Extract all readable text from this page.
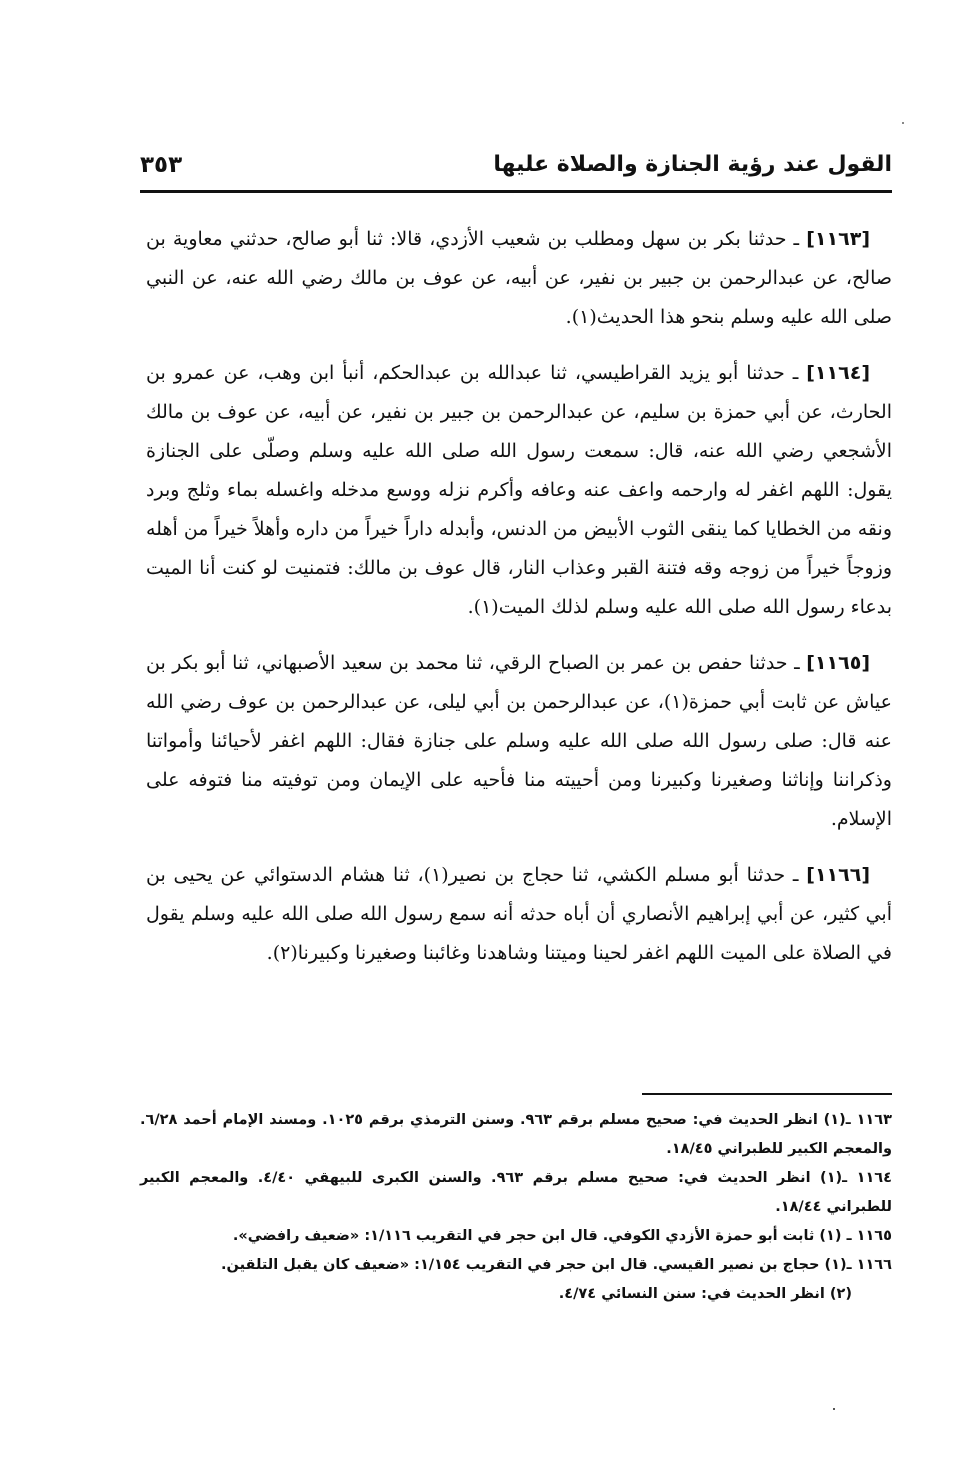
القول عند رؤية الجنازة والصلاة عليها
٣٥٣

[١١٦٣] ـ حدثنا بكر بن سهل ومطلب بن شعيب الأزدي، قالا: ثنا أبو صالح، حدثني معاوية بن صالح، عن عبدالرحمن بن جبير بن نفير، عن أبيه، عن عوف بن مالك رضي الله عنه، عن النبي صلى الله عليه وسلم بنحو هذا الحديث(١).

[١١٦٤] ـ حدثنا أبو يزيد القراطيسي، ثنا عبدالله بن عبدالحكم، أنبأ ابن وهب، عن عمرو بن الحارث، عن أبي حمزة بن سليم، عن عبدالرحمن بن جبير بن نفير، عن أبيه، عن عوف بن مالك الأشجعي رضي الله عنه، قال: سمعت رسول الله صلى الله عليه وسلم وصلّى على الجنازة يقول: اللهم اغفر له وارحمه واعف عنه وعافه وأكرم نزله ووسع مدخله واغسله بماء وثلج وبرد ونقه من الخطايا كما ينقى الثوب الأبيض من الدنس، وأبدله داراً خيراً من داره وأهلاً خيراً من أهله وزوجاً خيراً من زوجه وقه فتنة القبر وعذاب النار، قال عوف بن مالك: فتمنيت لو كنت أنا الميت بدعاء رسول الله صلى الله عليه وسلم لذلك الميت(١).

[١١٦٥] ـ حدثنا حفص بن عمر بن الصباح الرقي، ثنا محمد بن سعيد الأصبهاني، ثنا أبو بكر بن عياش عن ثابت أبي حمزة(١)، عن عبدالرحمن بن أبي ليلى، عن عبدالرحمن بن عوف رضي الله عنه قال: صلى رسول الله صلى الله عليه وسلم على جنازة فقال: اللهم اغفر لأحيائنا وأمواتنا وذكراننا وإناثنا وصغيرنا وكبيرنا ومن أحييته منا فأحيه على الإيمان ومن توفيته منا فتوفه على الإسلام.

[١١٦٦] ـ حدثنا أبو مسلم الكشي، ثنا حجاج بن نصير(١)، ثنا هشام الدستوائي عن يحيى بن أبي كثير، عن أبي إبراهيم الأنصاري أن أباه حدثه أنه سمع رسول الله صلى الله عليه وسلم يقول في الصلاة على الميت اللهم اغفر لحينا وميتنا وشاهدنا وغائبنا وصغيرنا وكبيرنا(٢).

١١٦٣ ـ(١) انظر الحديث في: صحيح مسلم برقم ٩٦٣. وسنن الترمذي برقم ١٠٢٥. ومسند الإمام أحمد ٦/٢٨. والمعجم الكبير للطبراني ١٨/٤٥.

١١٦٤ ـ(١) انظر الحديث في: صحيح مسلم برقم ٩٦٣. والسنن الكبرى للبيهقي ٤/٤٠. والمعجم الكبير للطبراني ١٨/٤٤.

١١٦٥ ـ (١) ثابت أبو حمزة الأزدي الكوفي. قال ابن حجر في التقريب ١/١١٦: «ضعيف رافضي».

١١٦٦ ـ(١) حجاج بن نصير القيسي. قال ابن حجر في التقريب ١/١٥٤: «ضعيف كان يقبل التلقين.

(٢) انظر الحديث في: سنن النسائي ٤/٧٤.
